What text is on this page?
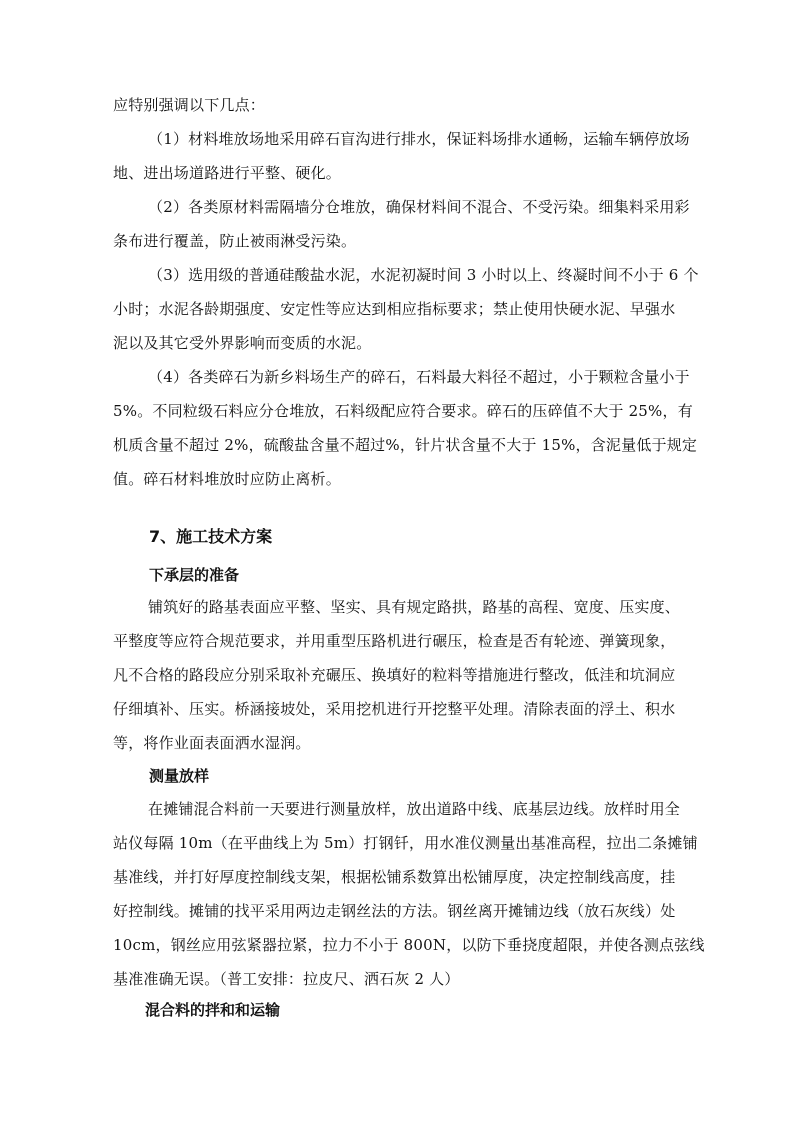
应特别强调以下几点：
（1）材料堆放场地采用碎石盲沟进行排水，保证料场排水通畅，运输车辆停放场
地、进出场道路进行平整、硬化。
（2）各类原材料需隔墙分仓堆放，确保材料间不混合、不受污染。细集料采用彩
条布进行覆盖，防止被雨淋受污染。
（3）选用级的普通硅酸盐水泥，水泥初凝时间 3 小时以上、终凝时间不小于 6 个
小时；水泥各龄期强度、安定性等应达到相应指标要求；禁止使用快硬水泥、早强水
泥以及其它受外界影响而变质的水泥。
（4）各类碎石为新乡料场生产的碎石，石料最大料径不超过，小于颗粒含量小于
5%。不同粒级石料应分仓堆放，石料级配应符合要求。碎石的压碎值不大于 25%，有
机质含量不超过 2%，硫酸盐含量不超过%，针片状含量不大于 15%，含泥量低于规定
值。碎石材料堆放时应防止离析。
7、施工技术方案
下承层的准备
铺筑好的路基表面应平整、坚实、具有规定路拱，路基的高程、宽度、压实度、
平整度等应符合规范要求，并用重型压路机进行碾压，检查是否有轮迹、弹簧现象，
凡不合格的路段应分别采取补充碾压、换填好的粒料等措施进行整改，低洼和坑洞应
仔细填补、压实。桥涵接坡处，采用挖机进行开挖整平处理。清除表面的浮土、积水
等，将作业面表面洒水湿润。
测量放样
在摊铺混合料前一天要进行测量放样，放出道路中线、底基层边线。放样时用全
站仪每隔 10m（在平曲线上为 5m）打钢钎，用水准仪测量出基准高程，拉出二条摊铺
基准线，并打好厚度控制线支架，根据松铺系数算出松铺厚度，决定控制线高度，挂
好控制线。摊铺的找平采用两边走钢丝法的方法。钢丝离开摊铺边线（放石灰线）处
10cm，钢丝应用弦紧器拉紧，拉力不小于 800N，以防下垂挠度超限，并使各测点弦线
基准准确无误。（普工安排：拉皮尺、洒石灰 2 人）
混合料的拌和和运输
